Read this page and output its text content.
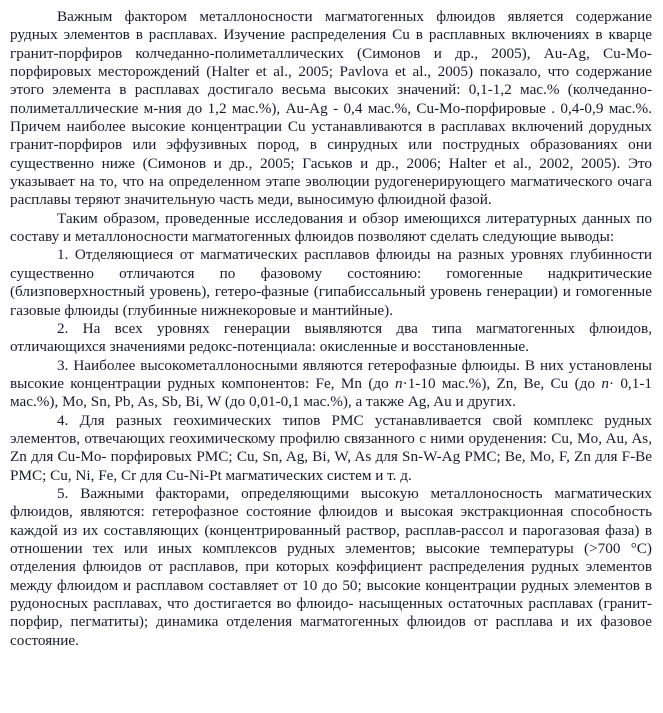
Важным фактором металлоносности магматогенных флюидов является содержание рудных элементов в расплавах. Изучение распределения Cu в расплавных включениях в кварце гранит-порфиров колчеданно-полиметаллических (Симонов и др., 2005), Au-Ag, Cu-Mo-порфировых месторождений (Halter et al., 2005; Pavlova et al., 2005) показало, что содержание этого элемента в расплавах достигало весьма высоких значений: 0,1-1,2 мас.% (колчеданно-полиметаллические м-ния до 1,2 мас.%), Au-Ag - 0,4 мас.%, Cu-Mo-порфировые . 0,4-0,9 мас.%. Причем наиболее высокие концентрации Cu устанавливаются в расплавах включений дорудных гранит-порфиров или эффузивных пород, в синрудных или пострудных образованиях они существенно ниже (Симонов и др., 2005; Гаськов и др., 2006; Halter et al., 2002, 2005). Это указывает на то, что на определенном этапе эволюции рудогенерирующего магматического очага расплавы теряют значительную часть меди, выносимую флюидной фазой.

Таким образом, проведенные исследования и обзор имеющихся литературных данных по составу и металлоносности магматогенных флюидов позволяют сделать следующие выводы:

1. Отделяющиеся от магматических расплавов флюиды на разных уровнях глубинности существенно отличаются по фазовому состоянию: гомогенные надкритические (близповерхностный уровень), гетеро-фазные (гипабиссальный уровень генерации) и гомогенные газовые флюиды (глубинные нижнекоровые и мантийные).

2. На всех уровнях генерации выявляются два типа магматогенных флюидов, отличающихся значениями редокс-потенциала: окисленные и восстановленные.

3. Наиболее высокометаллоносными являются гетерофазные флюиды. В них установлены высокие концентрации рудных компонентов: Fe, Mn (до n·1-10 мас.%), Zn, Be, Cu (до n· 0,1-1 мас.%), Mo, Sn, Pb, As, Sb, Bi, W (до 0,01-0,1 мас.%), а также Ag, Au и других.

4. Для разных геохимических типов РМС устанавливается свой комплекс рудных элементов, отвечающих геохимическому профилю связанного с ними оруденения: Cu, Mo, Au, As, Zn для Cu-Mo- порфировых РМС; Cu, Sn, Ag, Bi, W, As для Sn-W-Ag РМС; Be, Mo, F, Zn для F-Be РМС; Cu, Ni, Fe, Cr для Cu-Ni-Pt магматических систем и т. д.

5. Важными факторами, определяющими высокую металлоносность магматических флюидов, являются: гетерофазное состояние флюидов и высокая экстракционная способность каждой из их составляющих (концентрированный раствор, расплав-рассол и парогазовая фаза) в отношении тех или иных комплексов рудных элементов; высокие температуры (>700 °С) отделения флюидов от расплавов, при которых коэффициент распределения рудных элементов между флюидом и расплавом составляет от 10 до 50; высокие концентрации рудных элементов в рудоносных расплавах, что достигается во флюидо- насыщенных остаточных расплавах (гранит-порфир, пегматиты); динамика отделения магматогенных флюидов от расплава и их фазовое состояние.
